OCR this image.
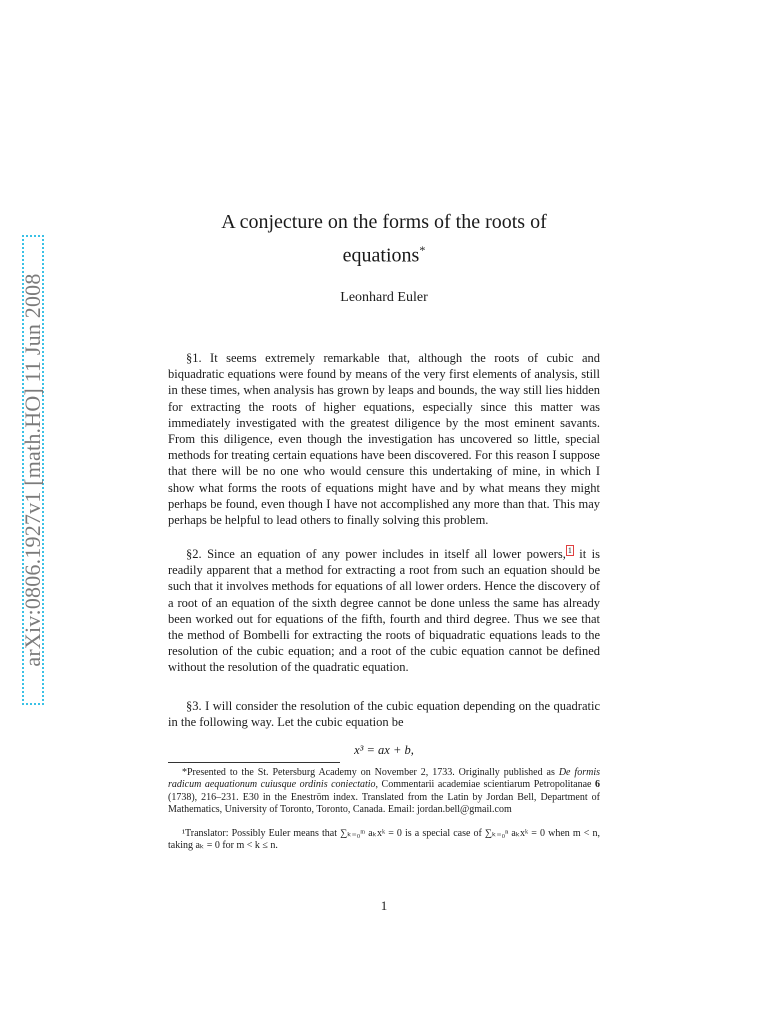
arXiv:0806.1927v1 [math.HO] 11 Jun 2008
A conjecture on the forms of the roots of
equations*
Leonhard Euler
§1. It seems extremely remarkable that, although the roots of cubic and biquadratic equations were found by means of the very first elements of analysis, still in these times, when analysis has grown by leaps and bounds, the way still lies hidden for extracting the roots of higher equations, especially since this matter was immediately investigated with the greatest diligence by the most eminent savants. From this diligence, even though the investigation has uncovered so little, special methods for treating certain equations have been discovered. For this reason I suppose that there will be no one who would censure this undertaking of mine, in which I show what forms the roots of equations might have and by what means they might perhaps be found, even though I have not accomplished any more than that. This may perhaps be helpful to lead others to finally solving this problem.
§2. Since an equation of any power includes in itself all lower powers, $^1$ it is readily apparent that a method for extracting a root from such an equation should be such that it involves methods for equations of all lower orders. Hence the discovery of a root of an equation of the sixth degree cannot be done unless the same has already been worked out for equations of the fifth, fourth and third degree. Thus we see that the method of Bombelli for extracting the roots of biquadratic equations leads to the resolution of the cubic equation; and a root of the cubic equation cannot be defined without the resolution of the quadratic equation.
§3. I will consider the resolution of the cubic equation depending on the quadratic in the following way. Let the cubic equation be
x³ = ax + b,
*Presented to the St. Petersburg Academy on November 2, 1733. Originally published as De formis radicum aequationum cuiusque ordinis coniectatio, Commentarii academiae scientiarum Petropolitanae 6 (1738), 216–231. E30 in the Eneström index. Translated from the Latin by Jordan Bell, Department of Mathematics, University of Toronto, Toronto, Canada. Email: jordan.bell@gmail.com
¹Translator: Possibly Euler means that ∑ₖ₌₀ᵐ aₖxᵏ = 0 is a special case of ∑ₖ₌₀ⁿ aₖxᵏ = 0 when m < n, taking aₖ = 0 for m < k ≤ n.
1
